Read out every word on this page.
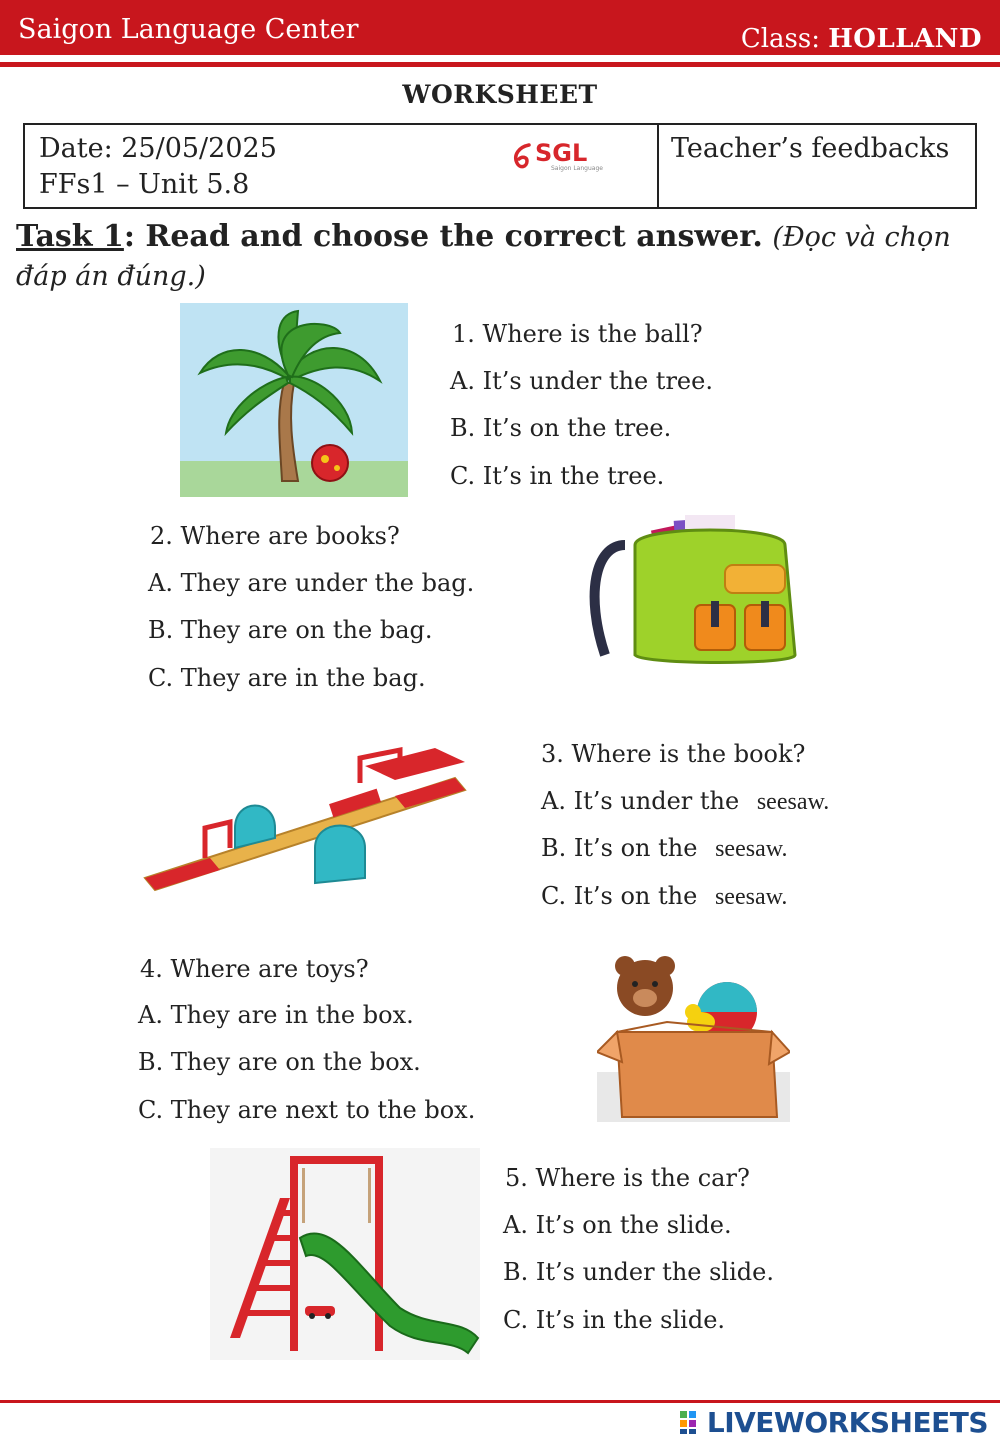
Saigon Language Center	Class: HOLLAND
WORKSHEET
Date: 25/05/2025
FFs1 – Unit 5.8
SGL
Saigon Language
Teacher’s feedbacks
Task 1: Read and choose the correct answer. (Đọc và chọn đáp án đúng.)
1. Where is the ball?
A. It’s under the tree.
B. It’s on the tree.
C. It’s in the tree.
2. Where are books?
A. They are under the bag.
B. They are on the bag.
C. They are in the bag.
3. Where is the book?
A. It’s under the seesaw.
B. It’s on the seesaw.
C. It’s on the seesaw.
4. Where are toys?
A. They are in the box.
B. They are on the box.
C. They are next to the box.
5. Where is the car?
A. It’s on the slide.
B. It’s under the slide.
C. It’s in the slide.
LIVEWORKSHEETS
